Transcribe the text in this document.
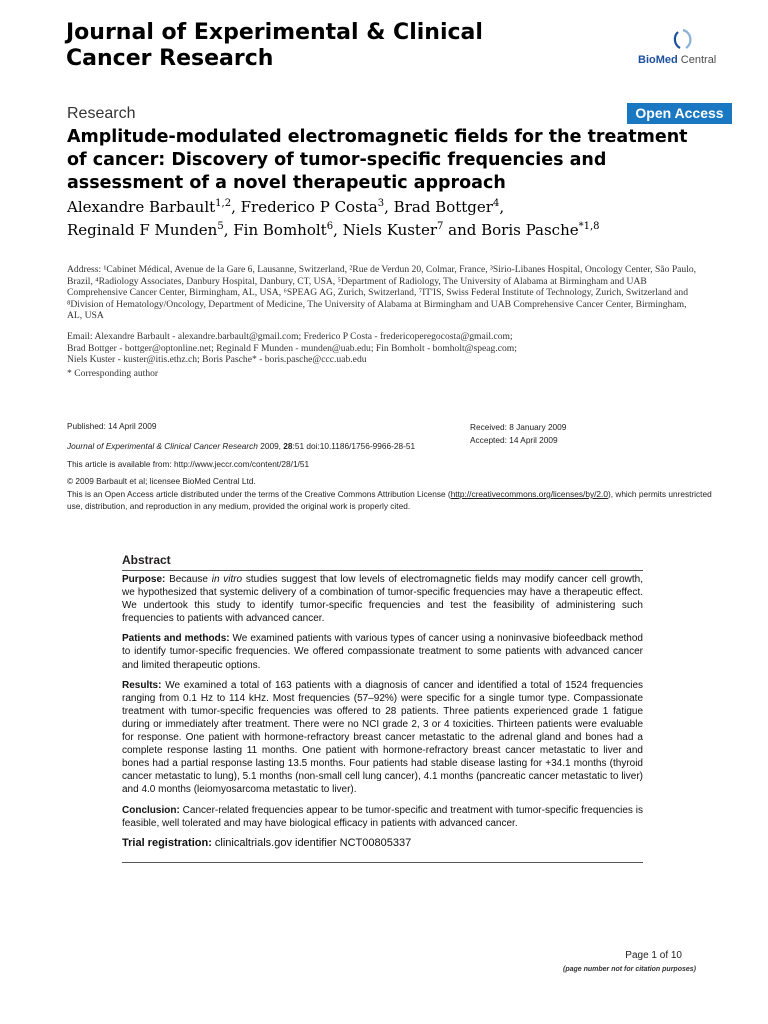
Journal of Experimental & Clinical
Cancer Research	BioMed Central
Research	Open Access
Amplitude-modulated electromagnetic fields for the treatment of cancer: Discovery of tumor-specific frequencies and assessment of a novel therapeutic approach
Alexandre Barbault$^{1,2}$, Frederico P Costa$^3$, Brad Bottger$^4$,
Reginald F Munden$^5$, Fin Bomholt$^6$, Niels Kuster$^7$ and Boris Pasche$^{*1,8}$
Address: ¹Cabinet Médical, Avenue de la Gare 6, Lausanne, Switzerland, ²Rue de Verdun 20, Colmar, France, ³Sirio-Libanes Hospital, Oncology Center, São Paulo, Brazil, ⁴Radiology Associates, Danbury Hospital, Danbury, CT, USA, ⁵Department of Radiology, The University of Alabama at Birmingham and UAB Comprehensive Cancer Center, Birmingham, AL, USA, ⁶SPEAG AG, Zurich, Switzerland, ⁷IT'IS, Swiss Federal Institute of Technology, Zurich, Switzerland and ⁸Division of Hematology/Oncology, Department of Medicine, The University of Alabama at Birmingham and UAB Comprehensive Cancer Center, Birmingham, AL, USA
Email: Alexandre Barbault - alexandre.barbault@gmail.com; Frederico P Costa - fredericoperegocosta@gmail.com;
Brad Bottger - bottger@optonline.net; Reginald F Munden - munden@uab.edu; Fin Bomholt - bomholt@speag.com;
Niels Kuster - kuster@itis.ethz.ch; Boris Pasche* - boris.pasche@ccc.uab.edu
* Corresponding author
Published: 14 April 2009	Received: 8 January 2009
Accepted: 14 April 2009
Journal of Experimental & Clinical Cancer Research 2009, 28:51 doi:10.1186/1756-9966-28-51
This article is available from: http://www.jeccr.com/content/28/1/51
© 2009 Barbault et al; licensee BioMed Central Ltd.
This is an Open Access article distributed under the terms of the Creative Commons Attribution License (http://creativecommons.org/licenses/by/2.0), which permits unrestricted use, distribution, and reproduction in any medium, provided the original work is properly cited.
Abstract

Purpose: Because in vitro studies suggest that low levels of electromagnetic fields may modify cancer cell growth, we hypothesized that systemic delivery of a combination of tumor-specific frequencies may have a therapeutic effect. We undertook this study to identify tumor-specific frequencies and test the feasibility of administering such frequencies to patients with advanced cancer.

Patients and methods: We examined patients with various types of cancer using a noninvasive biofeedback method to identify tumor-specific frequencies. We offered compassionate treatment to some patients with advanced cancer and limited therapeutic options.

Results: We examined a total of 163 patients with a diagnosis of cancer and identified a total of 1524 frequencies ranging from 0.1 Hz to 114 kHz. Most frequencies (57–92%) were specific for a single tumor type. Compassionate treatment with tumor-specific frequencies was offered to 28 patients. Three patients experienced grade 1 fatigue during or immediately after treatment. There were no NCI grade 2, 3 or 4 toxicities. Thirteen patients were evaluable for response. One patient with hormone-refractory breast cancer metastatic to the adrenal gland and bones had a complete response lasting 11 months. One patient with hormone-refractory breast cancer metastatic to liver and bones had a partial response lasting 13.5 months. Four patients had stable disease lasting for +34.1 months (thyroid cancer metastatic to lung), 5.1 months (non-small cell lung cancer), 4.1 months (pancreatic cancer metastatic to liver) and 4.0 months (leiomyosarcoma metastatic to liver).

Conclusion: Cancer-related frequencies appear to be tumor-specific and treatment with tumor-specific frequencies is feasible, well tolerated and may have biological efficacy in patients with advanced cancer.

Trial registration: clinicaltrials.gov identifier NCT00805337

Page 1 of 10
(page number not for citation purposes)
